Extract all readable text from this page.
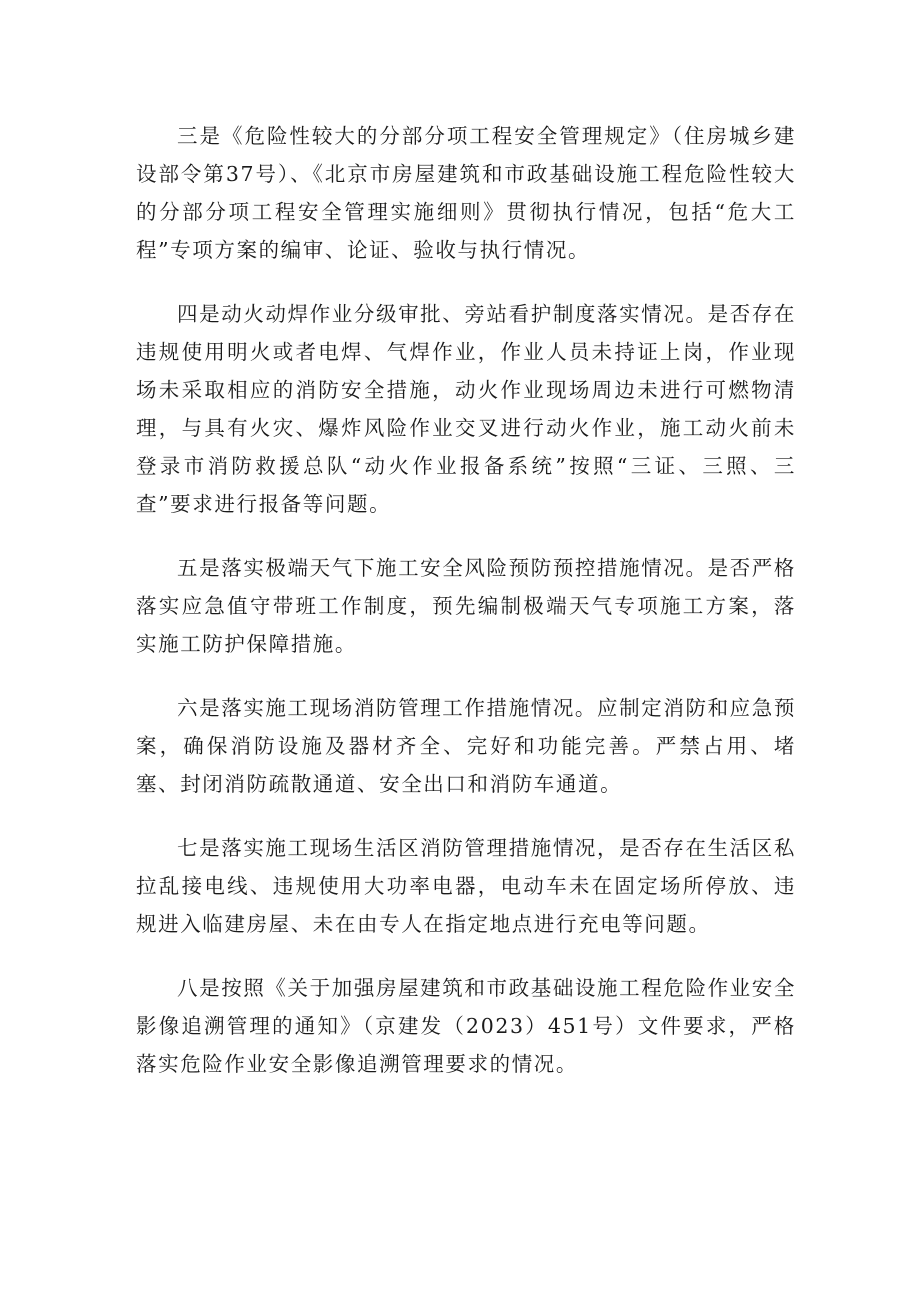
三是《危险性较大的分部分项工程安全管理规定》（住房城乡建设部令第37号）、《北京市房屋建筑和市政基础设施工程危险性较大的分部分项工程安全管理实施细则》贯彻执行情况，包括“危大工程”专项方案的编审、论证、验收与执行情况。

四是动火动焊作业分级审批、旁站看护制度落实情况。是否存在违规使用明火或者电焊、气焊作业，作业人员未持证上岗，作业现场未采取相应的消防安全措施，动火作业现场周边未进行可燃物清理，与具有火灾、爆炸风险作业交叉进行动火作业，施工动火前未登录市消防救援总队“动火作业报备系统”按照“三证、三照、三查”要求进行报备等问题。

五是落实极端天气下施工安全风险预防预控措施情况。是否严格落实应急值守带班工作制度，预先编制极端天气专项施工方案，落实施工防护保障措施。

六是落实施工现场消防管理工作措施情况。应制定消防和应急预案，确保消防设施及器材齐全、完好和功能完善。严禁占用、堵塞、封闭消防疏散通道、安全出口和消防车通道。

七是落实施工现场生活区消防管理措施情况，是否存在生活区私拉乱接电线、违规使用大功率电器，电动车未在固定场所停放、违规进入临建房屋、未在由专人在指定地点进行充电等问题。

八是按照《关于加强房屋建筑和市政基础设施工程危险作业安全影像追溯管理的通知》（京建发（2023）451号）文件要求，严格落实危险作业安全影像追溯管理要求的情况。
